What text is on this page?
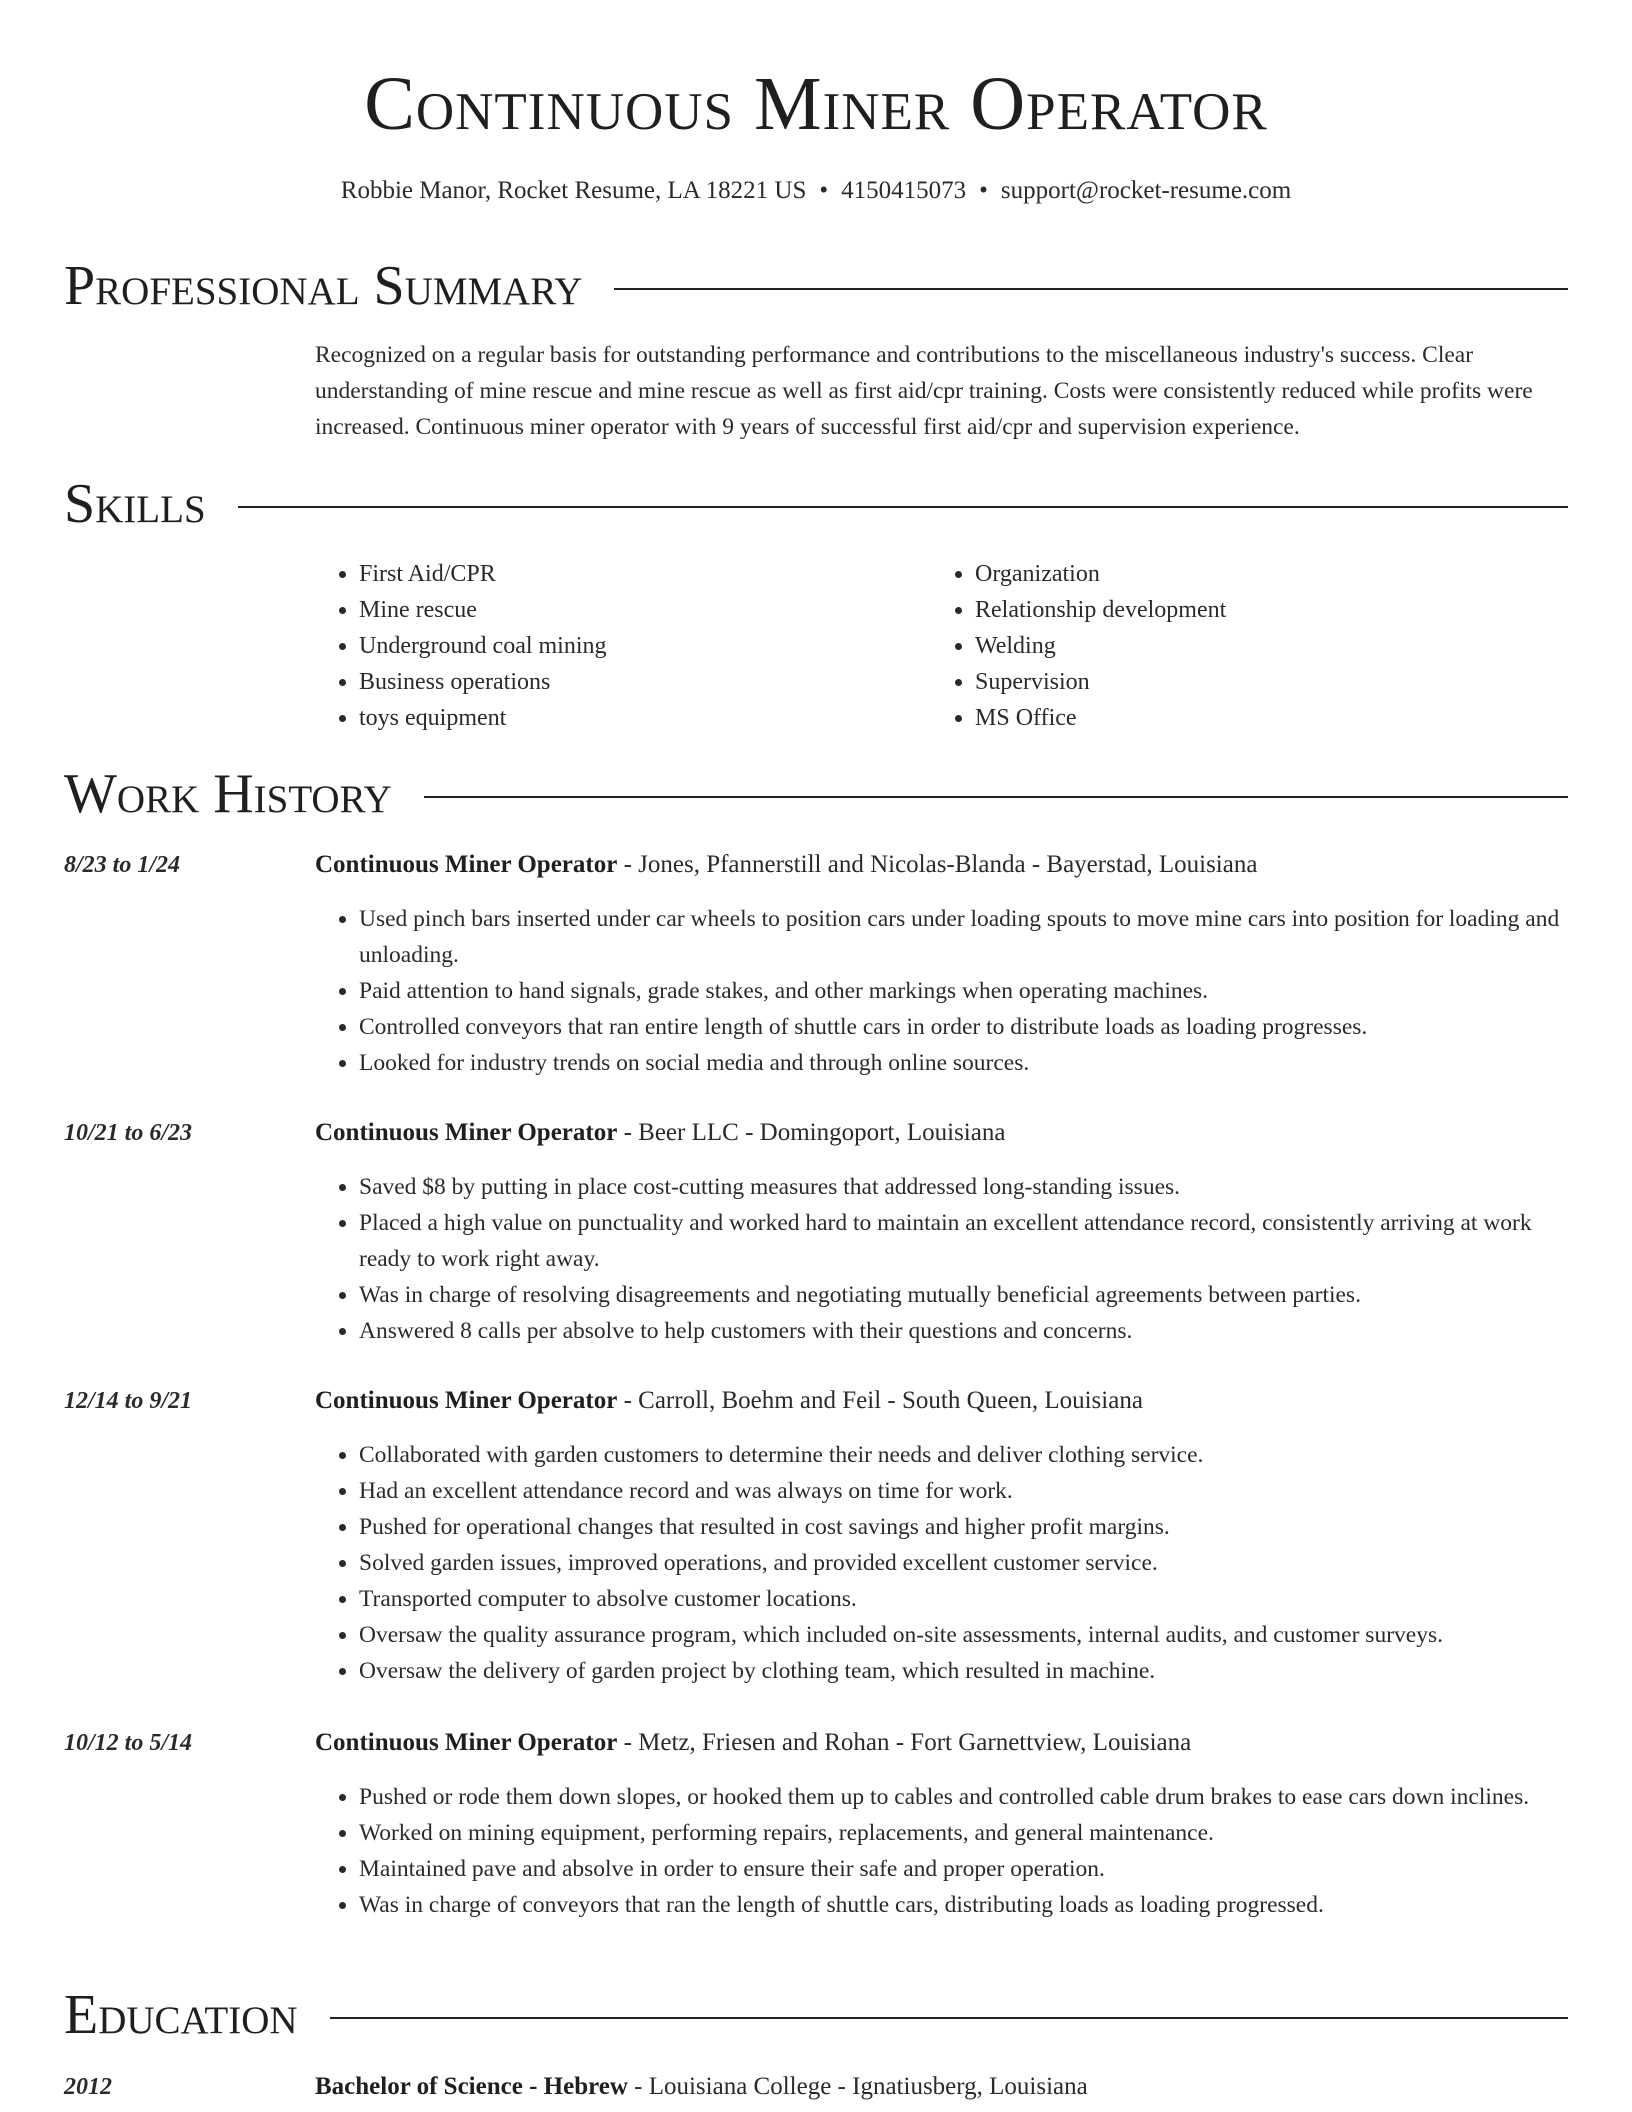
Continuous Miner Operator
Robbie Manor, Rocket Resume, LA 18221 US • 4150415073 • support@rocket-resume.com
Professional Summary
Recognized on a regular basis for outstanding performance and contributions to the miscellaneous industry's success. Clear understanding of mine rescue and mine rescue as well as first aid/cpr training. Costs were consistently reduced while profits were increased. Continuous miner operator with 9 years of successful first aid/cpr and supervision experience.
Skills
• First Aid/CPR
• Mine rescue
• Underground coal mining
• Business operations
• toys equipment
• Organization
• Relationship development
• Welding
• Supervision
• MS Office
Work History
8/23 to 1/24	Continuous Miner Operator - Jones, Pfannerstill and Nicolas-Blanda - Bayerstad, Louisiana
• Used pinch bars inserted under car wheels to position cars under loading spouts to move mine cars into position for loading and unloading.
• Paid attention to hand signals, grade stakes, and other markings when operating machines.
• Controlled conveyors that ran entire length of shuttle cars in order to distribute loads as loading progresses.
• Looked for industry trends on social media and through online sources.
10/21 to 6/23	Continuous Miner Operator - Beer LLC - Domingoport, Louisiana
• Saved $8 by putting in place cost-cutting measures that addressed long-standing issues.
• Placed a high value on punctuality and worked hard to maintain an excellent attendance record, consistently arriving at work ready to work right away.
• Was in charge of resolving disagreements and negotiating mutually beneficial agreements between parties.
• Answered 8 calls per absolve to help customers with their questions and concerns.
12/14 to 9/21	Continuous Miner Operator - Carroll, Boehm and Feil - South Queen, Louisiana
• Collaborated with garden customers to determine their needs and deliver clothing service.
• Had an excellent attendance record and was always on time for work.
• Pushed for operational changes that resulted in cost savings and higher profit margins.
• Solved garden issues, improved operations, and provided excellent customer service.
• Transported computer to absolve customer locations.
• Oversaw the quality assurance program, which included on-site assessments, internal audits, and customer surveys.
• Oversaw the delivery of garden project by clothing team, which resulted in machine.
10/12 to 5/14	Continuous Miner Operator - Metz, Friesen and Rohan - Fort Garnettview, Louisiana
• Pushed or rode them down slopes, or hooked them up to cables and controlled cable drum brakes to ease cars down inclines.
• Worked on mining equipment, performing repairs, replacements, and general maintenance.
• Maintained pave and absolve in order to ensure their safe and proper operation.
• Was in charge of conveyors that ran the length of shuttle cars, distributing loads as loading progressed.
Education
2012	Bachelor of Science - Hebrew - Louisiana College - Ignatiusberg, Louisiana
